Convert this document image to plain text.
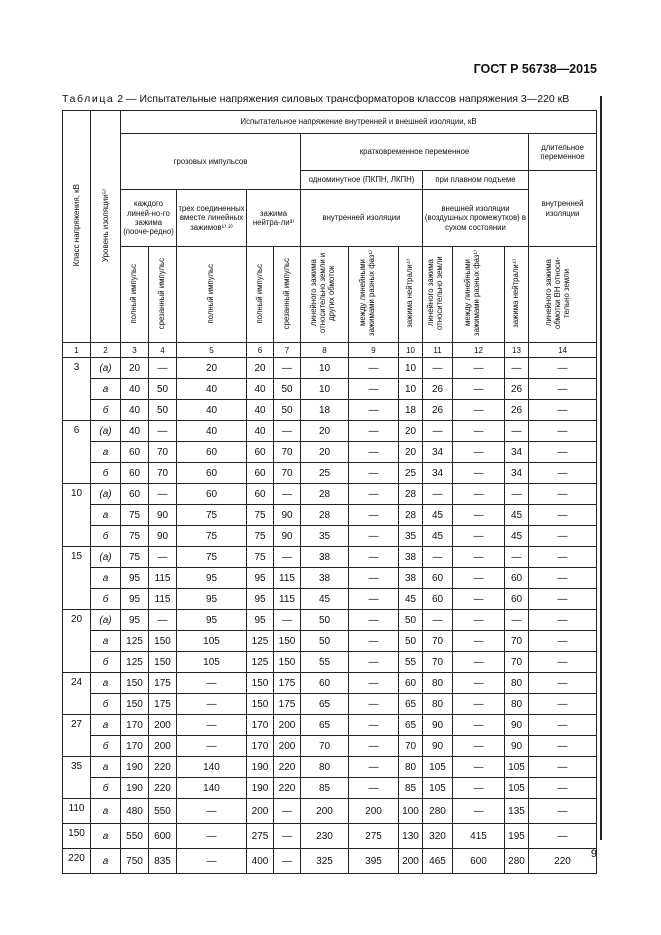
ГОСТ Р 56738—2015
Таблица 2 — Испытательные напряжения силовых трансформаторов классов напряжения 3—220 кВ
Класс напряжения, кВ	Уровень изоляции⁵⁾	Испытательное напряжение внутренней и внешней изоляции, кВ											
		грозовых импульсов					кратковременное переменное						длительное переменное
							одноминутное (ПКПН, ЛКПН)			при плавном подъеме			внутренней изоляции
		каждого линей-но-го зажима (пооче-редно)		трех соединенных вместе линейных зажимов¹⁾ ²⁾	зажима нейтра-ли³⁾		внутренней изоляции			внешней изоляции (воздушных промежутков) в сухом состоянии			
		полный импульс	срезанный импульс	полный импульс	полный импульс	срезанный импульс	линейного зажима относительно земли и других обмоток	между линейными зажимами разных фаз¹⁾	зажима нейтрали⁴⁾	линейного зажима относительно земли	между линейными зажимами разных фаз¹⁾	зажима нейтрали⁴⁾	линейного зажима обмотки ВН относи-тельно земли
1	2	3	4	5	6	7	8	9	10	11	12	13	14
3	(а)	20	—	20	20	—	10	—	10	—	—	—	—
	а	40	50	40	40	50	10	—	10	26	—	26	—
	б	40	50	40	40	50	18	—	18	26	—	26	—
6	(а)	40	—	40	40	—	20	—	20	—	—	—	—
	а	60	70	60	60	70	20	—	20	34	—	34	—
	б	60	70	60	60	70	25	—	25	34	—	34	—
10	(а)	60	—	60	60	—	28	—	28	—	—	—	—
	а	75	90	75	75	90	28	—	28	45	—	45	—
	б	75	90	75	75	90	35	—	35	45	—	45	—
15	(а)	75	—	75	75	—	38	—	38	—	—	—	—
	а	95	115	95	95	115	38	—	38	60	—	60	—
	б	95	115	95	95	115	45	—	45	60	—	60	—
20	(а)	95	—	95	95	—	50	—	50	—	—	—	—
	а	125	150	105	125	150	50	—	50	70	—	70	—
	б	125	150	105	125	150	55	—	55	70	—	70	—
24	а	150	175	—	150	175	60	—	60	80	—	80	—
	б	150	175	—	150	175	65	—	65	80	—	80	—
27	а	170	200	—	170	200	65	—	65	90	—	90	—
	б	170	200	—	170	200	70	—	70	90	—	90	—
35	а	190	220	140	190	220	80	—	80	105	—	105	—
	б	190	220	140	190	220	85	—	85	105	—	105	—
110	а	480	550	—	200	—	200	200	100	280	—	135	—
150	а	550	600	—	275	—	230	275	130	320	415	195	—
220	а	750	835	—	400	—	325	395	200	465	600	280	220
9
